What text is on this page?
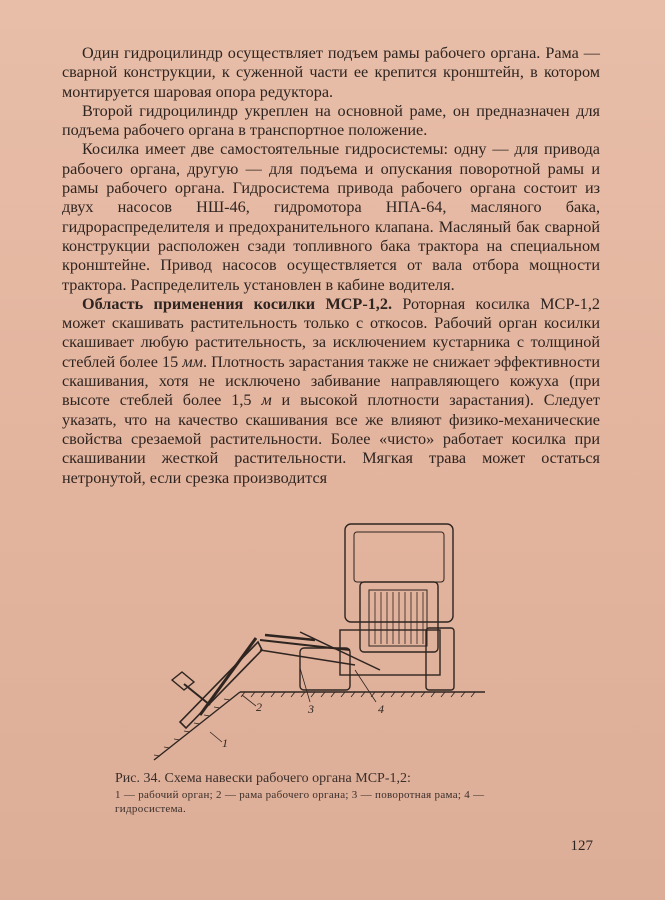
Один гидроцилиндр осуществляет подъем рамы рабочего органа. Рама — сварной конструкции, к суженной части ее крепится кронштейн, в котором монтируется шаровая опора редуктора.

Второй гидроцилиндр укреплен на основной раме, он предназначен для подъема рабочего органа в транспортное положение.

Косилка имеет две самостоятельные гидросистемы: одну — для привода рабочего органа, другую — для подъема и опускания поворотной рамы и рамы рабочего органа. Гидросистема привода рабочего органа состоит из двух насосов НШ-46, гидромотора НПА-64, масляного бака, гидрораспределителя и предохранительного клапана. Масляный бак сварной конструкции расположен сзади топливного бака трактора на специальном кронштейне. Привод насосов осуществляется от вала отбора мощности трактора. Распределитель установлен в кабине водителя.

Область применения косилки МСР-1,2. Роторная косилка МСР-1,2 может скашивать растительность только с откосов. Рабочий орган косилки скашивает любую растительность, за исключением кустарника с толщиной стеблей более 15 мм. Плотность зарастания также не снижает эффективности скашивания, хотя не исключено забивание направляющего кожуха (при высоте стеблей более 1,5 м и высокой плотности зарастания). Следует указать, что на качество скашивания все же влияют физико-механические свойства срезаемой растительности. Более «чисто» работает косилка при скашивании жесткой растительности. Мягкая трава может остаться нетронутой, если срезка производится

1
2	3	4
Рис. 34. Схема навески рабочего органа МСР-1,2:
1 — рабочий орган; 2 — рама рабочего органа; 3 — поворотная рама; 4 — гидросистема.
127
